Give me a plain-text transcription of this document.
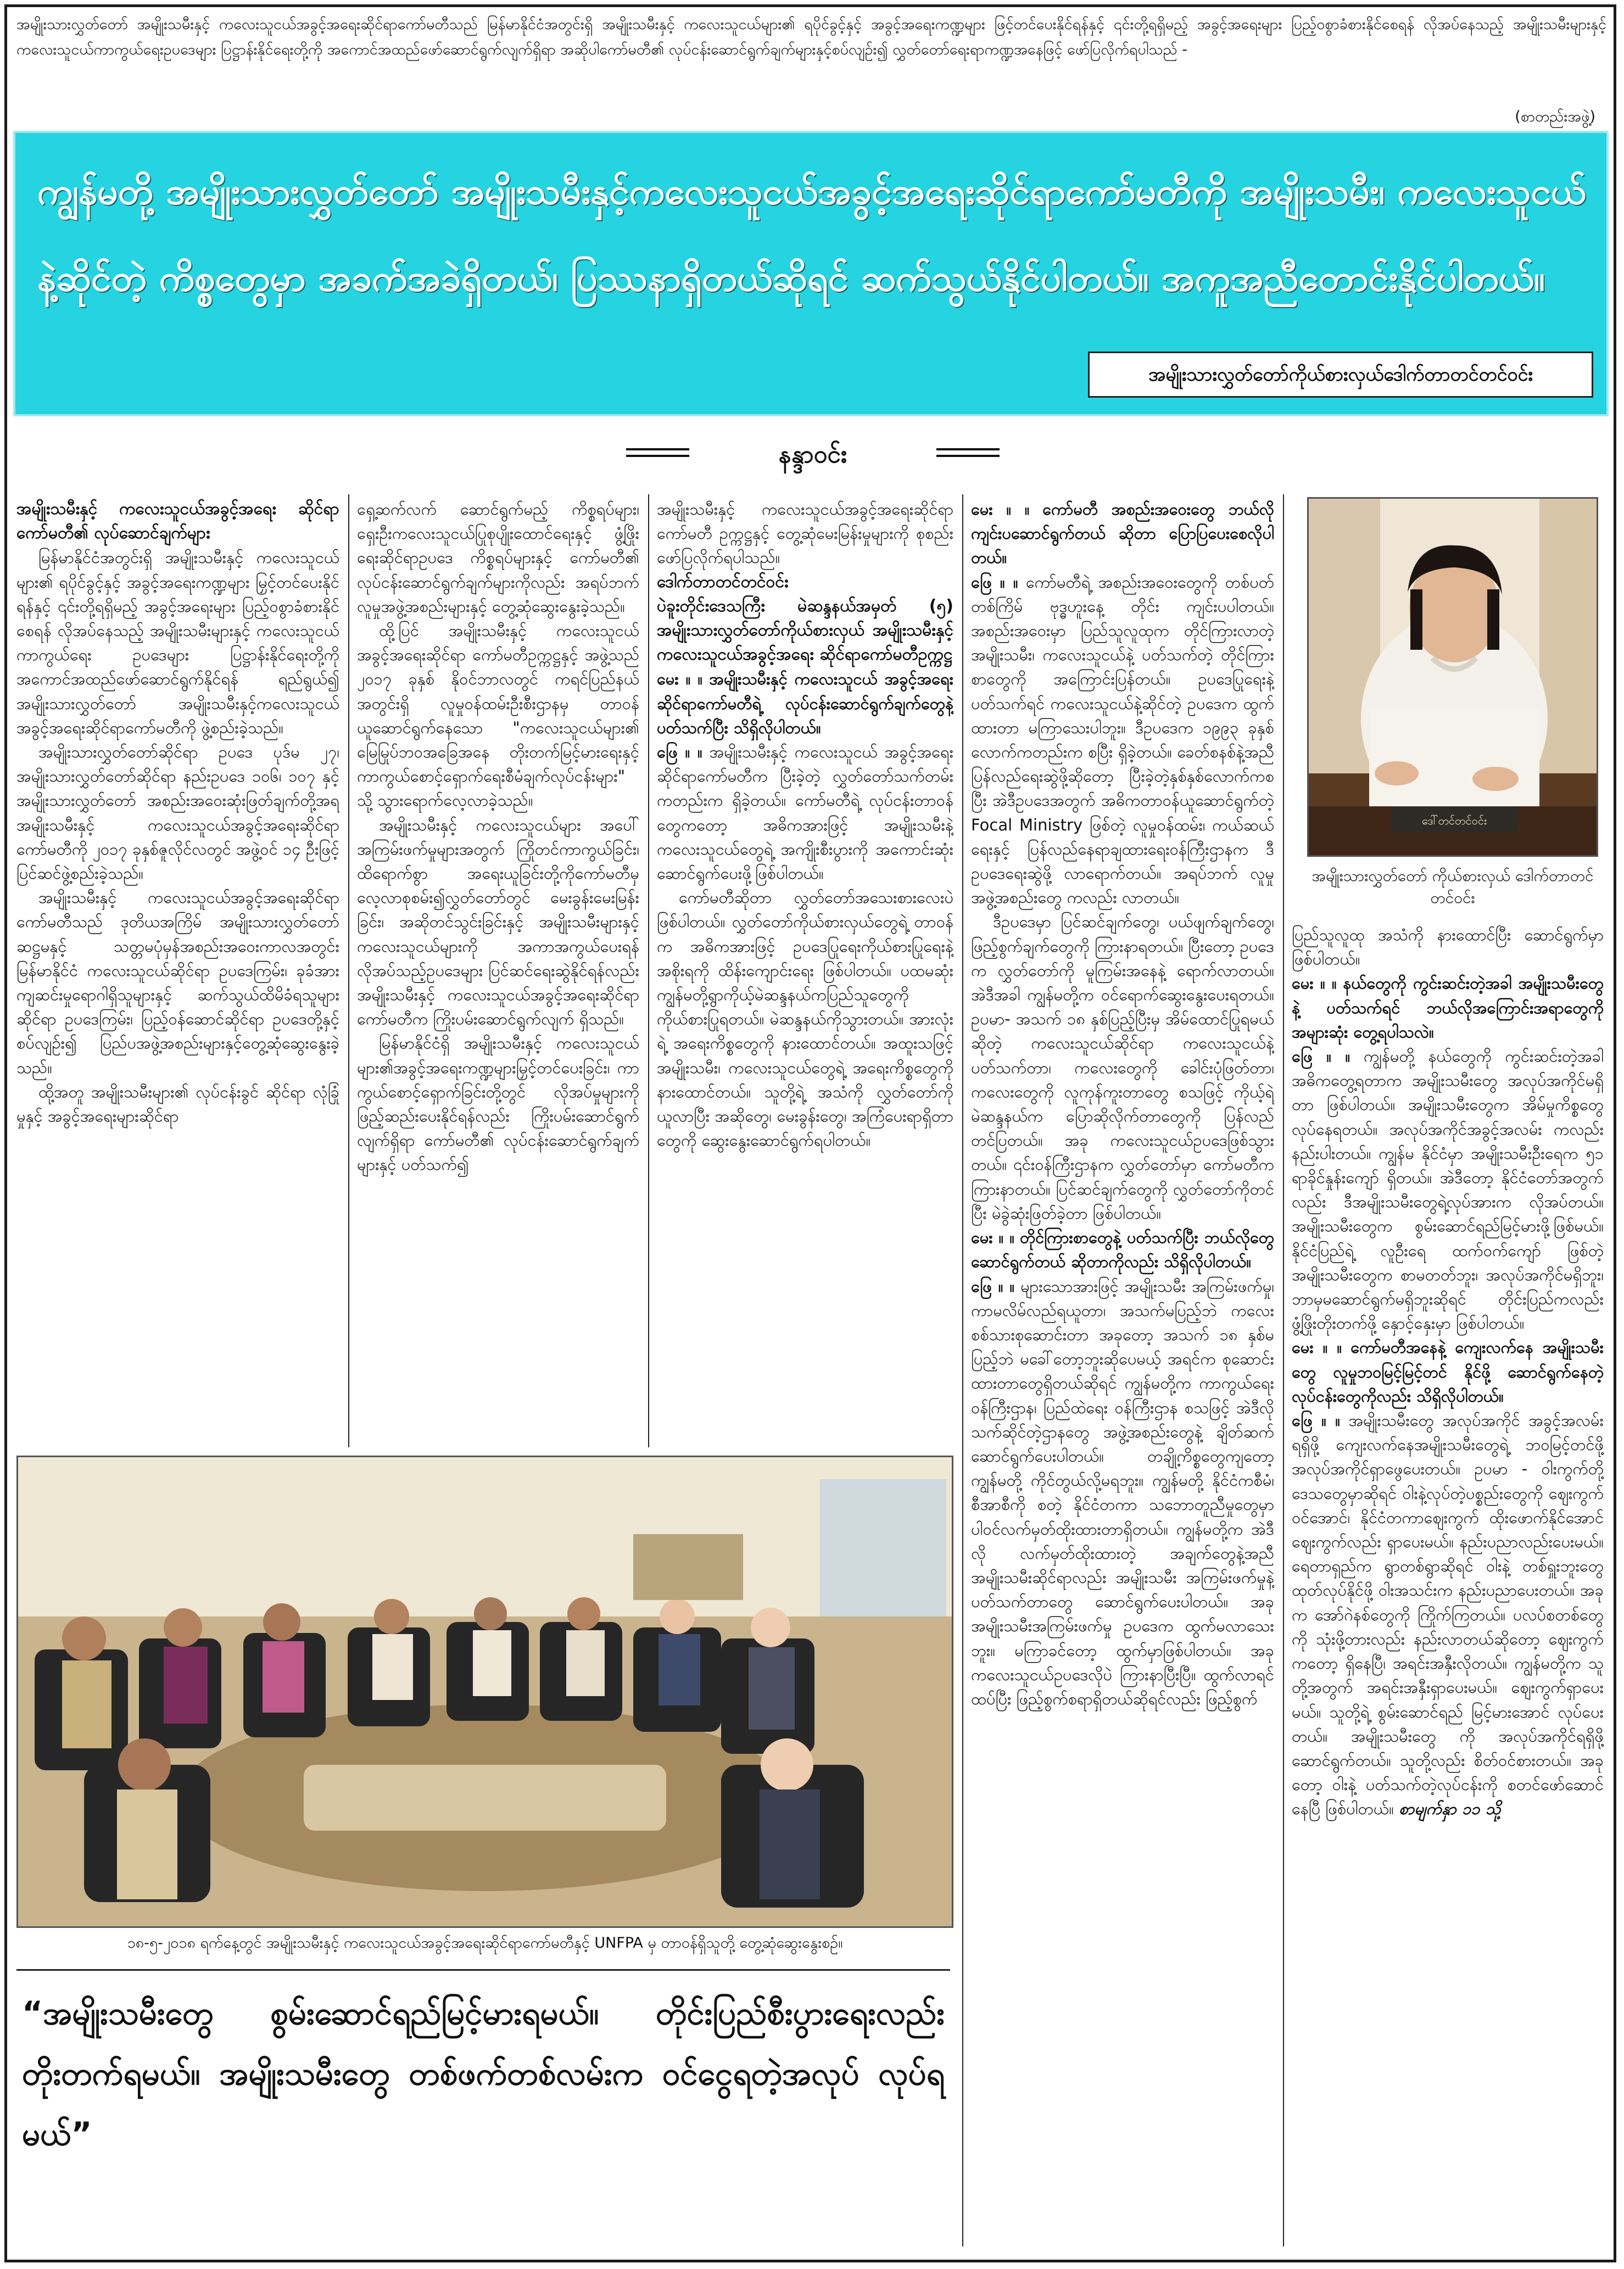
အမျိုးသားလွှတ်တော် အမျိုးသမီးနှင့် ကလေးသူငယ်အခွင့်အရေးဆိုင်ရာကော်မတီသည် မြန်မာနိုင်ငံအတွင်းရှိ အမျိုးသမီးနှင့် ကလေးသူငယ်များ၏ ရပိုင်ခွင့်နှင့် အခွင့်အရေးကဏ္ဍများ ဖြင့်တင်ပေးနိုင်ရန်နှင့် ၎င်းတို့ရရှိမည့် အခွင့်အရေးများ ပြည့်ဝစွာခံစားနိုင်စေရန် လိုအပ်နေသည့် အမျိုးသမီးများနှင့် ကလေးသူငယ်ကာကွယ်ရေးဥပဒေများ ပြဋ္ဌာန်းနိုင်ရေးတို့ကို အကောင်အထည်ဖော်ဆောင်ရွက်လျက်ရှိရာ အဆိုပါကော်မတီ၏ လုပ်ငန်းဆောင်ရွက်ချက်များနှင့်စပ်လျဉ်း၍ လွှတ်တော်ရေးရာကဏ္ဍအနေဖြင့် ဖော်ပြလိုက်ရပါသည် -
(စာတည်းအဖွဲ့)
ကျွန်မတို့ အမျိုးသားလွှတ်တော် အမျိုးသမီးနှင့်ကလေးသူငယ်အခွင့်အရေးဆိုင်ရာကော်မတီကို အမျိုးသမီး၊ ကလေးသူငယ်နဲ့ဆိုင်တဲ့ ကိစ္စတွေမှာ အခက်အခဲရှိတယ်၊ ပြဿနာရှိတယ်ဆိုရင် ဆက်သွယ်နိုင်ပါတယ်။ အကူအညီတောင်းနိုင်ပါတယ်။
အမျိုးသားလွှတ်တော်ကိုယ်စားလှယ်ဒေါက်တာတင်တင်ဝင်း
နန္ဒာဝင်း
အမျိုးသမီးနှင့် ကလေးသူငယ်အခွင့်အရေး ဆိုင်ရာကော်မတီ၏ လုပ်ဆောင်ချက်များ

မြန်မာနိုင်ငံအတွင်းရှိ အမျိုးသမီးနှင့် ကလေးသူငယ်များ၏ ရပိုင်ခွင့်နှင့် အခွင့်အရေးကဏ္ဍများ မြှင့်တင်ပေးနိုင်ရန်နှင့် ၎င်းတို့ရရှိမည့် အခွင့်အရေးများ ပြည့်ဝစွာခံစားနိုင်စေရန် လိုအပ်နေသည့် အမျိုးသမီးများနှင့် ကလေးသူငယ်ကာကွယ်ရေး ဥပဒေများ ပြဋ္ဌာန်းနိုင်ရေးတို့ကို အကောင်အထည်ဖော်ဆောင်ရွက်နိုင်ရန် ရည်ရွယ်၍ အမျိုးသားလွှတ်တော် အမျိုးသမီးနှင့်ကလေးသူငယ် အခွင့်အရေးဆိုင်ရာကော်မတီကို ဖွဲ့စည်းခဲ့သည်။

အမျိုးသားလွှတ်တော်ဆိုင်ရာ ဥပဒေ ပုဒ်မ ၂၇၊ အမျိုးသားလွှတ်တော်ဆိုင်ရာ နည်းဥပဒေ ၁၀၆၊ ၁၀၇ နှင့် အမျိုးသားလွှတ်တော် အစည်းအဝေးဆုံးဖြတ်ချက်တို့အရ အမျိုးသမီးနှင့် ကလေးသူငယ်အခွင့်အရေးဆိုင်ရာ ကော်မတီကို ၂၀၁၇ ခုနှစ်ဇူလိုင်လတွင် အဖွဲ့ဝင် ၁၄ ဦးဖြင့် ပြင်ဆင်ဖွဲ့စည်းခဲ့သည်။

အမျိုးသမီးနှင့် ကလေးသူငယ်အခွင့်အရေးဆိုင်ရာကော်မတီသည် ဒုတိယအကြိမ် အမျိုးသားလွှတ်တော် ဆဋ္ဌမနှင့် သတ္တမပုံမှန်အစည်းအဝေးကာလအတွင်း မြန်မာနိုင်ငံ ကလေးသူငယ်ဆိုင်ရာ ဥပဒေကြမ်း၊ ခုခံအားကျဆင်းမှုရောဂါရှိသူများနှင့် ဆက်သွယ်ထိမိခံရသူများဆိုင်ရာ ဥပဒေကြမ်း၊ ပြည့်ဝန်ဆောင်ဆိုင်ရာ ဥပဒေတို့နှင့် စပ်လျဉ်း၍ ပြည်ပအဖွဲ့အစည်းများနှင့်တွေ့ဆုံဆွေးနွေးခဲ့သည်။

ထို့အတူ အမျိုးသမီးများ၏ လုပ်ငန်းခွင် ဆိုင်ရာ လုံခြုံမှုနှင့် အခွင့်အရေးများဆိုင်ရာ

ရှေ့ဆက်လက် ဆောင်ရွက်မည့် ကိစ္စရပ်များ၊ ရှေးဦးကလေးသူငယ်ပြုစုပျိုးထောင်ရေးနှင့် ဖွံ့ဖြိုးရေးဆိုင်ရာဥပဒေ ကိစ္စရပ်များနှင့် ကော်မတီ၏ လုပ်ငန်းဆောင်ရွက်ချက်များကိုလည်း အရပ်ဘက်လူမှုအဖွဲ့အစည်းများနှင့် တွေ့ဆုံဆွေးနွေးခဲ့သည်။

ထို့ပြင် အမျိုးသမီးနှင့် ကလေးသူငယ်အခွင့်အရေးဆိုင်ရာ ကော်မတီဥက္ကဋ္ဌနှင့် အဖွဲ့သည် ၂၀၁၇ ခုနှစ် နိုဝင်ဘာလတွင် ကရင်ပြည်နယ်အတွင်းရှိ လူမှုဝန်ထမ်းဦးစီးဌာနမှ တာဝန်ယူဆောင်ရွက်နေသော "ကလေးသူငယ်များ၏ မြေမြုပ်ဘဝအခြေအနေ တိုးတက်မြင့်မားရေးနှင့် ကာကွယ်စောင့်ရှောက်ရေးစီမံချက်လုပ်ငန်းများ" သို့ သွားရောက်လေ့လာခဲ့သည်။

အမျိုးသမီးနှင့် ကလေးသူငယ်များ အပေါ်အကြမ်းဖက်မှုများအတွက် ကြိုတင်ကာကွယ်ခြင်း၊ ထိရောက်စွာ အရေးယူခြင်းတို့ကိုကော်မတီမှ လေ့လာစုစမ်း၍လွှတ်တော်တွင် မေးခွန်းမေးမြန်းခြင်း၊ အဆိုတင်သွင်းခြင်းနှင့် အမျိုးသမီးများနှင့် ကလေးသူငယ်များကို အကာအကွယ်ပေးရန် လိုအပ်သည့်ဥပဒေများ ပြင်ဆင်ရေးဆွဲနိုင်ရန်လည်း အမျိုးသမီးနှင့် ကလေးသူငယ်အခွင့်အရေးဆိုင်ရာ ကော်မတီက ကြိုးပမ်းဆောင်ရွက်လျက် ရှိသည်။

မြန်မာနိုင်ငံရှိ အမျိုးသမီးနှင့် ကလေးသူငယ်များ၏အခွင့်အရေးကဏ္ဍများမြှင့်တင်ပေးခြင်း၊ ကာကွယ်စောင့်ရှောက်ခြင်းတို့တွင် လိုအပ်မှုများကို ဖြည့်ဆည်းပေးနိုင်ရန်လည်း ကြိုးပမ်းဆောင်ရွက်လျက်ရှိရာ ကော်မတီ၏ လုပ်ငန်းဆောင်ရွက်ချက်များနှင့် ပတ်သက်၍

အမျိုးသမီးနှင့် ကလေးသူငယ်အခွင့်အရေးဆိုင်ရာကော်မတီ ဥက္ကဋ္ဌနှင့် တွေ့ဆုံမေးမြန်းမှုများကို စုစည်းဖော်ပြလိုက်ရပါသည်။

ဒေါက်တာတင်တင်ဝင်း
ပဲခူးတိုင်းဒေသကြီး မဲဆန္ဒနယ်အမှတ် (၅) အမျိုးသားလွှတ်တော်ကိုယ်စားလှယ် အမျိုးသမီးနှင့် ကလေးသူငယ်အခွင့်အရေး ဆိုင်ရာကော်မတီဥက္ကဋ္ဌ

မေး ။ ။ အမျိုးသမီးနှင့် ကလေးသူငယ် အခွင့်အရေးဆိုင်ရာကော်မတီရဲ့ လုပ်ငန်းဆောင်ရွက်ချက်တွေနဲ့ ပတ်သက်ပြီး သိရှိလိုပါတယ်။

ဖြေ ။ ။ အမျိုးသမီးနှင့် ကလေးသူငယ် အခွင့်အရေးဆိုင်ရာကော်မတီက ပြီးခဲ့တဲ့ လွှတ်တော်သက်တမ်းကတည်းက ရှိခဲ့တယ်။ ကော်မတီရဲ့ လုပ်ငန်းတာဝန်တွေကတော့ အဓိကအားဖြင့် အမျိုးသမီးနဲ့ ကလေးသူငယ်တွေရဲ့ အကျိုးစီးပွားကို အကောင်းဆုံးဆောင်ရွက်ပေးဖို့ဖြစ်ပါတယ်။

ကော်မတီဆိုတာ လွှတ်တော်အသေးစားလေးပဲဖြစ်ပါတယ်။ လွှတ်တော်ကိုယ်စားလှယ်တွေရဲ့ တာဝန်က အဓိကအားဖြင့် ဥပဒေပြုရေးကိုယ်စားပြုရေးနဲ့ အစိုးရကို ထိန်းကျောင်းရေး ဖြစ်ပါတယ်။ ပထမဆုံး ကျွန်မတို့ရွာကိုယ့်မဲဆန္ဒနယ်ကပြည်သူတွေကို ကိုယ်စားပြုရတယ်။ မဲဆန္ဒနယ်ကိုသွားတယ်။ အားလုံးရဲ့ အရေးကိစ္စတွေကို နားထောင်တယ်။ အထူးသဖြင့် အမျိုးသမီး၊ ကလေးသူငယ်တွေရဲ့ အရေးကိစ္စတွေကို နားထောင်တယ်။ သူတို့ရဲ့ အသံကို လွှတ်တော်ကိုယူလာပြီး အဆိုတွေ၊ မေးခွန်းတွေ၊ အကြံပေးရာရှိတာတွေကို ဆွေးနွေးဆောင်ရွက်ရပါတယ်။

မေး ။ ။ ကော်မတီ အစည်းအဝေးတွေ ဘယ်လိုကျင်းပဆောင်ရွက်တယ် ဆိုတာ ပြောပြပေးစေလိုပါတယ်။

ဖြေ ။ ။ ကော်မတီရဲ့ အစည်းအဝေးတွေကို တစ်ပတ်တစ်ကြိမ် ဗုဒ္ဓဟူးနေ့ တိုင်း ကျင်းပပါတယ်။ အစည်းအဝေးမှာ ပြည်သူလူထုက တိုင်ကြားလာတဲ့ အမျိုးသမီး၊ ကလေးသူငယ်နဲ့ ပတ်သက်တဲ့ တိုင်ကြားစာတွေကို အကြောင်းပြန်တယ်။ ဥပဒေပြုရေးနဲ့ ပတ်သက်ရင် ကလေးသူငယ်နဲ့ဆိုင်တဲ့ ဥပဒေက ထွက်ထားတာ မကြာသေးပါဘူး။ ဒီဥပဒေက ၁၉၉၃ ခုနှစ်လောက်ကတည်းက စပြီး ရှိခဲ့တယ်။ ခေတ်စနစ်နဲ့အညီ ပြန်လည်ရေးဆွဲဖို့ဆိုတော့ ပြီးခဲ့တဲ့နှစ်နှစ်လောက်ကစပြီး အဲဒီဥပဒေအတွက် အဓိကတာဝန်ယူဆောင်ရွက်တဲ့ Focal Ministry ဖြစ်တဲ့ လူမှုဝန်ထမ်း၊ ကယ်ဆယ်ရေးနှင့် ပြန်လည်နေရာချထားရေးဝန်ကြီးဌာနက ဒီဥပဒေရေးဆွဲဖို့ လာရောက်တယ်။ အရပ်ဘက် လူမှုအဖွဲ့အစည်းတွေ ကလည်း လာတယ်။

ဒီဥပဒေမှာ ပြင်ဆင်ချက်တွေ၊ ပယ်ဖျက်ချက်တွေ၊ ဖြည့်စွက်ချက်တွေကို ကြားနာရတယ်။ ပြီးတော့ ဥပဒေက လွှတ်တော်ကို မူကြမ်းအနေနဲ့ ရောက်လာတယ်။ အဲဒီအခါ ကျွန်မတို့က ဝင်ရောက်ဆွေးနွေးပေးရတယ်။ ဥပမာ- အသက် ၁၈ နှစ်ပြည့်ပြီးမှ အိမ်ထောင်ပြုရမယ်ဆိုတဲ့ ကလေးသူငယ်ဆိုင်ရာ ကလေးသူငယ်နဲ့ ပတ်သက်တာ၊ ကလေးတွေကို ခေါင်းပုံဖြတ်တာ၊ ကလေးတွေကို လူကုန်ကူးတာတွေ စသဖြင့် ကိုယ့်ရဲ့ မဲဆန္ဒနယ်က ပြောဆိုလိုက်တာတွေကို ပြန်လည်တင်ပြတယ်။ အခု ကလေးသူငယ်ဥပဒေဖြစ်သွားတယ်။ ၎င်းဝန်ကြီးဌာနက လွှတ်တော်မှာ ကော်မတီကကြားနာတယ်။ ပြင်ဆင်ချက်တွေကို လွှတ်တော်ကိုတင်ပြီး မဲခွဲဆုံးဖြတ်ခဲ့တာ ဖြစ်ပါတယ်။

မေး ။ ။ တိုင်ကြားစာတွေနဲ့ ပတ်သက်ပြီး ဘယ်လိုတွေ ဆောင်ရွက်တယ် ဆိုတာကိုလည်း သိရှိလိုပါတယ်။

ဖြေ ။ ။ များသောအားဖြင့် အမျိုးသမီး အကြမ်းဖက်မှု၊ ကာမလိမ်လည်ရယူတာ၊ အသက်မပြည့်ဘဲ ကလေးစစ်သားစုဆောင်းတာ အခုတော့ အသက် ၁၈ နှစ်မပြည့်ဘဲ မခေါ်တော့ဘူးဆိုပေမယ့် အရင်က စုဆောင်းထားတာတွေရှိတယ်ဆိုရင် ကျွန်မတို့က ကာကွယ်ရေးဝန်ကြီးဌာန၊ ပြည်ထဲရေး ဝန်ကြီးဌာန စသဖြင့် အဲဒီလိုသက်ဆိုင်တဲ့ဌာနတွေ အဖွဲ့အစည်းတွေနဲ့ ချိတ်ဆက်ဆောင်ရွက်ပေးပါတယ်။ တချို့ကိစ္စတွေကျတော့ ကျွန်မတို့ ကိုင်တွယ်လို့မရဘူး။ ကျွန်မတို့ နိုင်ငံကစီမံ၊ စီအာစီကို စတဲ့ နိုင်ငံတကာ သဘောတူညီမှုတွေမှာ ပါဝင်လက်မှတ်ထိုးထားတာရှိတယ်။ ကျွန်မတို့က အဲဒီလို လက်မှတ်ထိုးထားတဲ့ အချက်တွေနဲ့အညီ အမျိုးသမီးဆိုင်ရာလည်း အမျိုးသမီး အကြမ်းဖက်မှုနဲ့ ပတ်သက်တာတွေ ဆောင်ရွက်ပေးပါတယ်။ အခု အမျိုးသမီးအကြမ်းဖက်မှု ဥပဒေက ထွက်မလာသေးဘူး။ မကြာခင်တော့ ထွက်မှာဖြစ်ပါတယ်။ အခု ကလေးသူငယ်ဥပဒေလိုပဲ ကြားနာပြီးပြီ။ ထွက်လာရင် ထပ်ပြီး ဖြည့်စွက်စရာရှိတယ်ဆိုရင်လည်း ဖြည့်စွက်

ဒေါ်တင်တင်ဝင်း
အမျိုးသားလွှတ်တော် ကိုယ်စားလှယ် ဒေါက်တာတင်တင်ဝင်း

ပြည်သူလူထု အသံကို နားထောင်ပြီး ဆောင်ရွက်မှာ ဖြစ်ပါတယ်။

မေး ။ ။ နယ်တွေကို ကွင်းဆင်းတဲ့အခါ အမျိုးသမီးတွေနဲ့ ပတ်သက်ရင် ဘယ်လိုအကြောင်းအရာတွေကို အများဆုံး တွေ့ရပါသလဲ။

ဖြေ ။ ။ ကျွန်မတို့ နယ်တွေကို ကွင်းဆင်းတဲ့အခါ အဓိကတွေ့ရတာက အမျိုးသမီးတွေ အလုပ်အကိုင်မရှိတာ ဖြစ်ပါတယ်။ အမျိုးသမီးတွေက အိမ်မှုကိစ္စတွေ လုပ်နေရတယ်။ အလုပ်အကိုင်အခွင့်အလမ်း ကလည်း နည်းပါးတယ်။ ကျွန်မ နိုင်ငံမှာ အမျိုးသမီးဦးရေက ၅၁ ရာခိုင်နှုန်းကျော် ရှိတယ်။ အဲဒီတော့ နိုင်ငံတော်အတွက်လည်း ဒီအမျိုးသမီးတွေရဲ့လုပ်အားက လိုအပ်တယ်။ အမျိုးသမီးတွေက စွမ်းဆောင်ရည်မြင့်မားဖို့ဖြစ်မယ်။ နိုင်ငံပြည်ရဲ့ လူဦးရေ ထက်ဝက်ကျော် ဖြစ်တဲ့ အမျိုးသမီးတွေက စာမတတ်ဘူး၊ အလုပ်အကိုင်မရှိဘူး၊ ဘာမှမဆောင်ရွက်မရှိဘူးဆိုရင် တိုင်းပြည်ကလည်း ဖွံ့ဖြိုးတိုးတက်ဖို့ နှောင့်နှေးမှာ ဖြစ်ပါတယ်။

မေး ။ ။ ကော်မတီအနေနဲ့ ကျေးလက်နေ အမျိုးသမီးတွေ လူမှုဘဝမြင့်မြင့်တင် နိုင်ဖို့ ဆောင်ရွက်နေတဲ့ လုပ်ငန်းတွေကိုလည်း သိရှိလိုပါတယ်။

ဖြေ ။ ။ အမျိုးသမီးတွေ အလုပ်အကိုင် အခွင့်အလမ်းရရှိဖို့ ကျေးလက်နေအမျိုးသမီးတွေရဲ့ ဘဝမြင့်တင်ဖို့ အလုပ်အကိုင်ရှာဖွေပေးတယ်။ ဥပမာ - ဝါးကွက်တို့ ဒေသတွေမှာဆိုရင် ဝါးနဲ့လုပ်တဲ့ပစ္စည်းတွေကို ဈေးကွက်ဝင်အောင်၊ နိုင်ငံတကာဈေးကွက် ထိုးဖောက်နိုင်အောင် ဈေးကွက်လည်း ရှာပေးမယ်။ နည်းပညာလည်းပေးမယ်။ ရေတာရှည်က ရွာတစ်ရွာဆိုရင် ဝါးနဲ့ တစ်ရှူးဘူးတွေ ထုတ်လုပ်နိုင်ဖို့ ဝါးအသင်းက နည်းပညာပေးတယ်။ အခုက အော်ဂဲနစ်တွေကို ကြိုက်ကြတယ်။ ပလပ်စတစ်တွေကို သုံးဖို့တားလည်း နည်းလာတယ်ဆိုတော့ ဈေးကွက်ကတော့ ရှိနေပြီ၊ အရင်းအနှီးလိုတယ်။ ကျွန်မတို့က သူတို့အတွက် အရင်းအနှီးရှာပေးမယ်။ ဈေးကွက်ရှာပေးမယ်။ သူတို့ရဲ့ စွမ်းဆောင်ရည် မြင့်မားအောင် လုပ်ပေးတယ်။ အမျိုးသမီးတွေ ကို အလုပ်အကိုင်ရရှိဖို့ ဆောင်ရွက်တယ်။ သူတို့လည်း စိတ်ဝင်စားတယ်။ အခုတော့ ဝါးနဲ့ ပတ်သက်တဲ့လုပ်ငန်းကို စတင်ဖော်ဆောင်နေပြီ ဖြစ်ပါတယ်။ စာမျက်နှာ ၁၁ သို့

၁၈-၅-၂၀၁၈ ရက်နေ့တွင် အမျိုးသမီးနှင့် ကလေးသူငယ်အခွင့်အရေးဆိုင်ရာကော်မတီနှင့် UNFPA မှ တာဝန်ရှိသူတို့ တွေ့ဆုံဆွေးနွေးစဉ်။
“အမျိုးသမီးတွေ စွမ်းဆောင်ရည်မြင့်မားရမယ်။ တိုင်းပြည်စီးပွားရေးလည်း တိုးတက်ရမယ်။ အမျိုးသမီးတွေ တစ်ဖက်တစ်လမ်းက ဝင်ငွေရတဲ့အလုပ် လုပ်ရမယ်”
